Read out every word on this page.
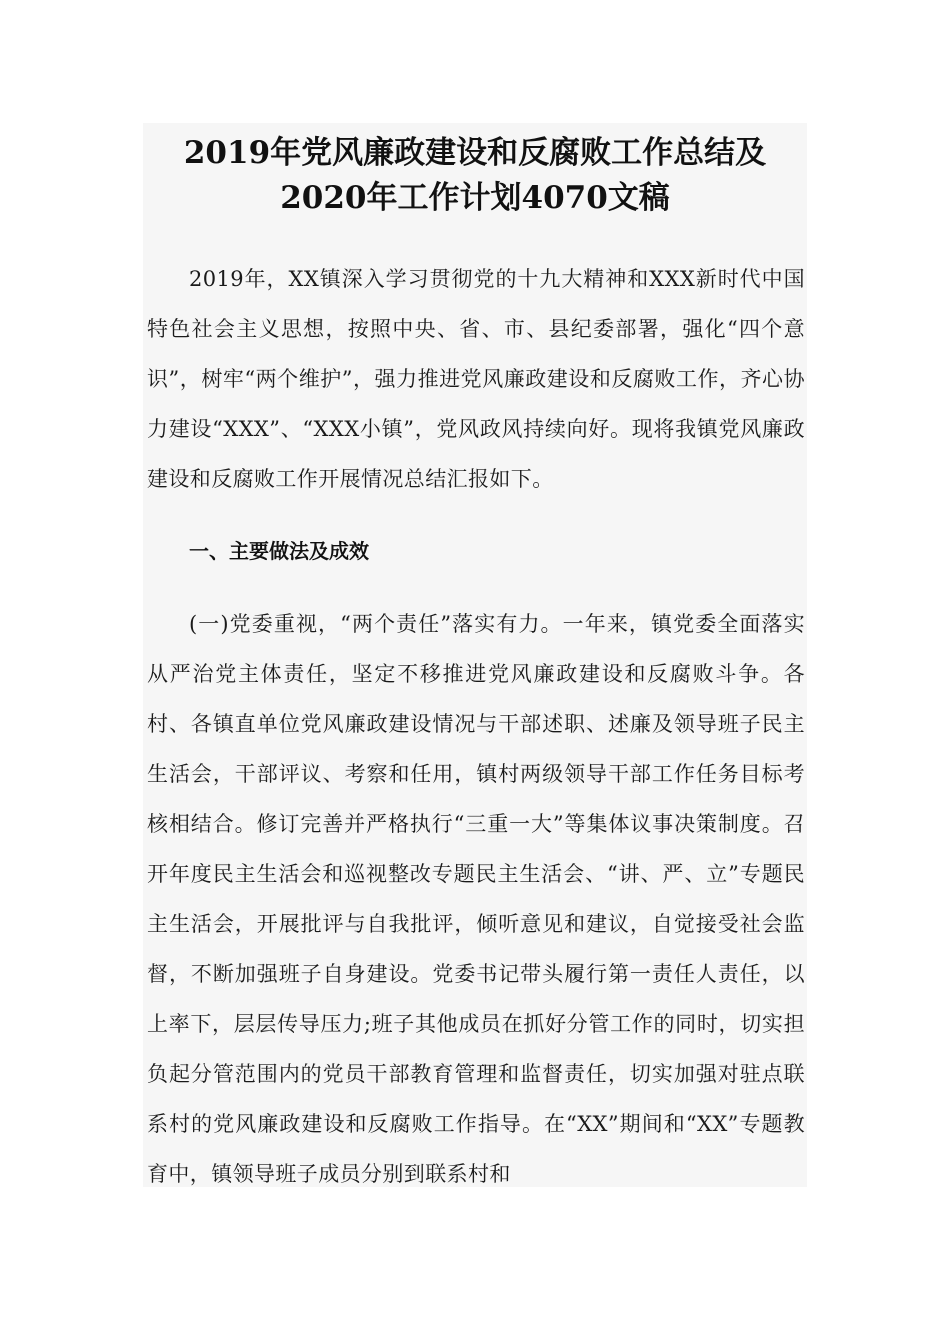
2019年党风廉政建设和反腐败工作总结及2020年工作计划4070文稿

2019年，XX镇深入学习贯彻党的十九大精神和XXX新时代中国特色社会主义思想，按照中央、省、市、县纪委部署，强化“四个意识”，树牢“两个维护”，强力推进党风廉政建设和反腐败工作，齐心协力建设“XXX”、“XXX小镇”，党风政风持续向好。现将我镇党风廉政建设和反腐败工作开展情况总结汇报如下。

一、主要做法及成效

(一)党委重视，“两个责任”落实有力。一年来，镇党委全面落实从严治党主体责任，坚定不移推进党风廉政建设和反腐败斗争。各村、各镇直单位党风廉政建设情况与干部述职、述廉及领导班子民主生活会，干部评议、考察和任用，镇村两级领导干部工作任务目标考核相结合。修订完善并严格执行“三重一大”等集体议事决策制度。召开年度民主生活会和巡视整改专题民主生活会、“讲、严、立”专题民主生活会，开展批评与自我批评，倾听意见和建议，自觉接受社会监督，不断加强班子自身建设。党委书记带头履行第一责任人责任，以上率下，层层传导压力;班子其他成员在抓好分管工作的同时，切实担负起分管范围内的党员干部教育管理和监督责任，切实加强对驻点联系村的党风廉政建设和反腐败工作指导。在“XX”期间和“XX”专题教育中，镇领导班子成员分别到联系村和
